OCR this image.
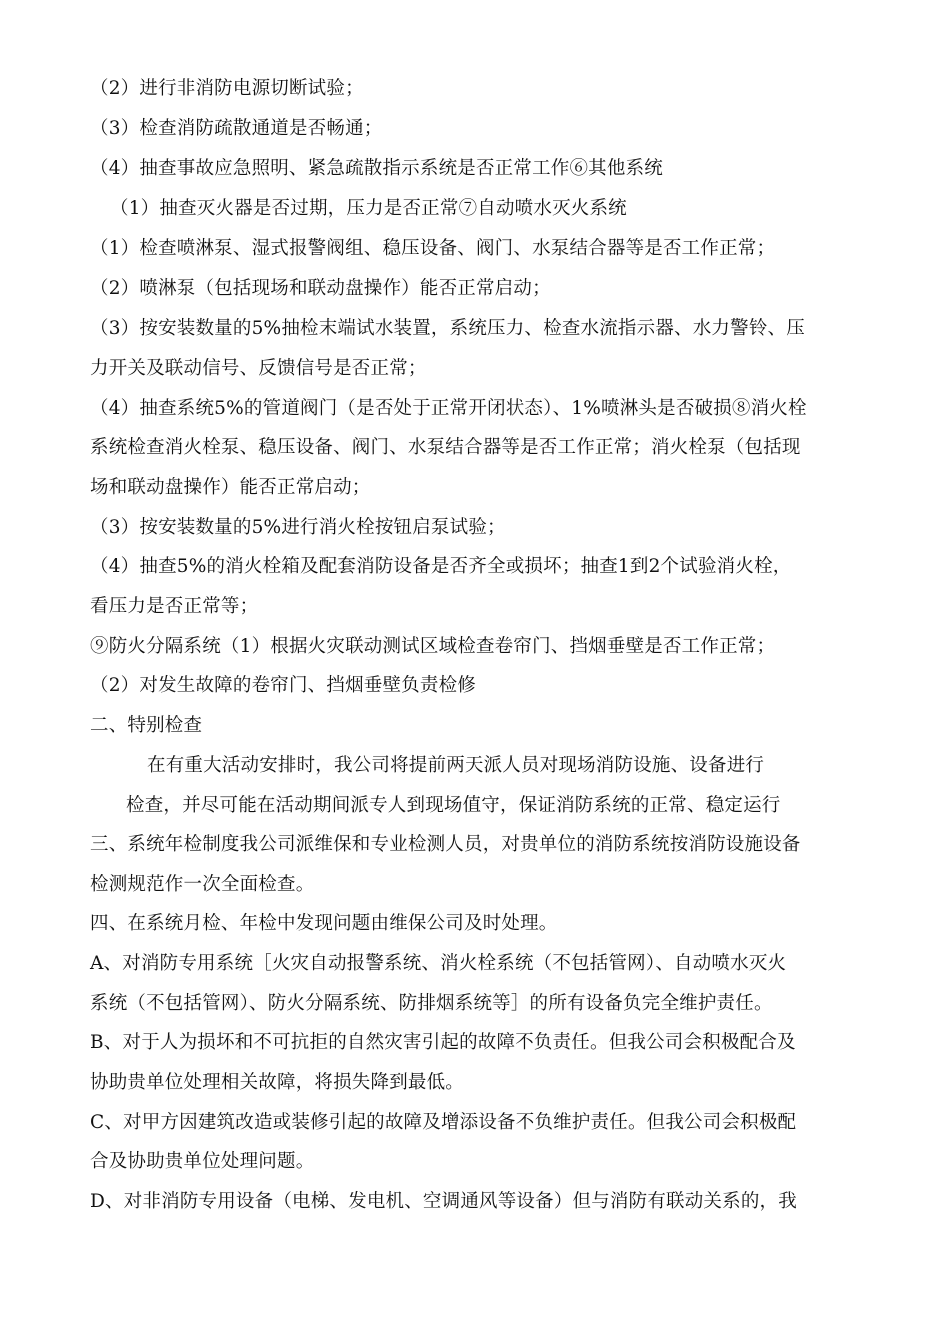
（2）进行非消防电源切断试验；
（3）检查消防疏散通道是否畅通；
（4）抽查事故应急照明、紧急疏散指示系统是否正常工作⑥其他系统
（1）抽查灭火器是否过期，压力是否正常⑦自动喷水灭火系统
（1）检查喷淋泵、湿式报警阀组、稳压设备、阀门、水泵结合器等是否工作正常；
（2）喷淋泵（包括现场和联动盘操作）能否正常启动；
（3）按安装数量的5%抽检末端试水装置，系统压力、检查水流指示器、水力警铃、压
力开关及联动信号、反馈信号是否正常；
（4）抽查系统5%的管道阀门（是否处于正常开闭状态）、1%喷淋头是否破损⑧消火栓
系统检查消火栓泵、稳压设备、阀门、水泵结合器等是否工作正常；消火栓泵（包括现
场和联动盘操作）能否正常启动；
（3）按安装数量的5%进行消火栓按钮启泵试验；
（4）抽查5%的消火栓箱及配套消防设备是否齐全或损坏；抽查1到2个试验消火栓，
看压力是否正常等；
⑨防火分隔系统（1）根据火灾联动测试区域检查卷帘门、挡烟垂壁是否工作正常；
（2）对发生故障的卷帘门、挡烟垂壁负责检修
二、特别检查
在有重大活动安排时，我公司将提前两天派人员对现场消防设施、设备进行
检查，并尽可能在活动期间派专人到现场值守，保证消防系统的正常、稳定运行
三、系统年检制度我公司派维保和专业检测人员，对贵单位的消防系统按消防设施设备
检测规范作一次全面检查。
四、在系统月检、年检中发现问题由维保公司及时处理。
A、对消防专用系统［火灾自动报警系统、消火栓系统（不包括管网）、自动喷水灭火
系统（不包括管网）、防火分隔系统、防排烟系统等］的所有设备负完全维护责任。
B、对于人为损坏和不可抗拒的自然灾害引起的故障不负责任。但我公司会积极配合及
协助贵单位处理相关故障，将损失降到最低。
C、对甲方因建筑改造或装修引起的故障及增添设备不负维护责任。但我公司会积极配
合及协助贵单位处理问题。
D、对非消防专用设备（电梯、发电机、空调通风等设备）但与消防有联动关系的，我
